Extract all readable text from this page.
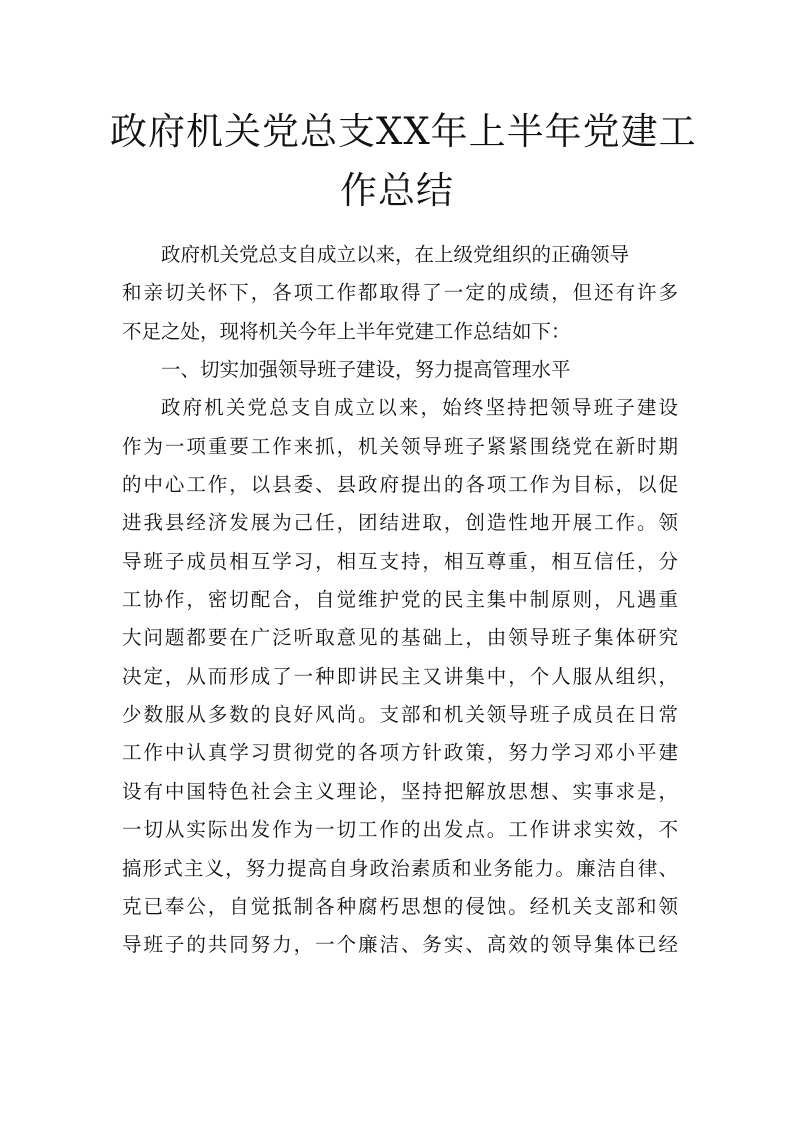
政府机关党总支XX年上半年党建工
作总结
政府机关党总支自成立以来，在上级党组织的正确领导
和亲切关怀下，各项工作都取得了一定的成绩，但还有许多
不足之处，现将机关今年上半年党建工作总结如下：
一、切实加强领导班子建设，努力提高管理水平
政府机关党总支自成立以来，始终坚持把领导班子建设
作为一项重要工作来抓，机关领导班子紧紧围绕党在新时期
的中心工作，以县委、县政府提出的各项工作为目标，以促
进我县经济发展为己任，团结进取，创造性地开展工作。领
导班子成员相互学习，相互支持，相互尊重，相互信任，分
工协作，密切配合，自觉维护党的民主集中制原则，凡遇重
大问题都要在广泛听取意见的基础上，由领导班子集体研究
决定，从而形成了一种即讲民主又讲集中，个人服从组织，
少数服从多数的良好风尚。支部和机关领导班子成员在日常
工作中认真学习贯彻党的各项方针政策，努力学习邓小平建
设有中国特色社会主义理论，坚持把解放思想、实事求是，
一切从实际出发作为一切工作的出发点。工作讲求实效，不
搞形式主义，努力提高自身政治素质和业务能力。廉洁自律、
克已奉公，自觉抵制各种腐朽思想的侵蚀。经机关支部和领
导班子的共同努力，一个廉洁、务实、高效的领导集体已经
